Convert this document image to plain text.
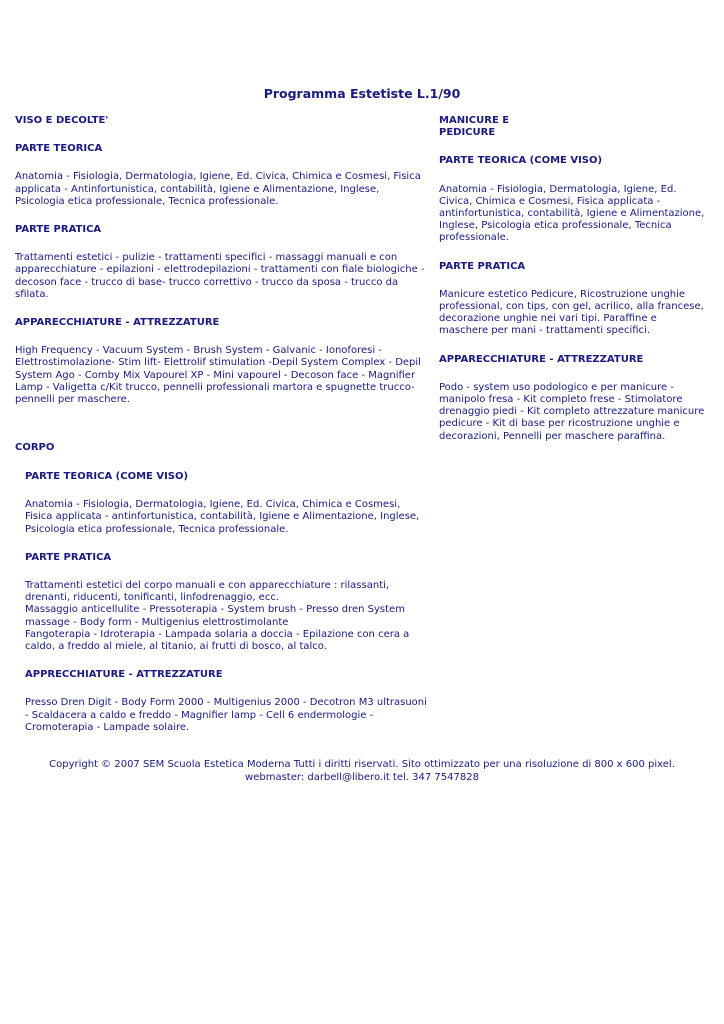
Programma Estetiste L.1/90

VISO E DECOLTE'

PARTE TEORICA

Anatomia - Fisiologia, Dermatologia, Igiene, Ed. Civica, Chimica e Cosmesi, Fisica applicata - Antinfortunistica, contabilità, Igiene e Alimentazione, Inglese, Psicologia etica professionale, Tecnica professionale.

PARTE PRATICA

Trattamenti estetici - pulizie - trattamenti specifici - massaggi manuali e con apparecchiature - epilazioni - elettrodepilazioni - trattamenti con fiale biologiche - decoson face - trucco di base- trucco correttivo - trucco da sposa - trucco da sfilata.

APPARECCHIATURE - ATTREZZATURE

High Frequency - Vacuum System - Brush System - Galvanic - Ionoforesi - Elettrostimolazione- Stim lift- Elettrolif stimulation -Depil System Complex - Depil System Ago - Comby Mix Vapourel XP - Mini vapourel - Decoson face - Magnifier Lamp - Valigetta c/Kit trucco, pennelli professionali martora e spugnette trucco-pennelli per maschere.

MANICURE E

PEDICURE

PARTE TEORICA (COME VISO)

Anatomia - Fisiologia, Dermatologia, Igiene, Ed. Civica, Chimica e Cosmesi, Fisica applicata - antinfortunistica, contabilità, Igiene e Alimentazione, Inglese, Psicologia etica professionale, Tecnica professionale.

PARTE PRATICA

Manicure estetico Pedicure, Ricostruzione unghie professional, con tips, con gel, acrilico, alla francese, decorazione unghie nei vari tipi. Paraffine e maschere per mani - trattamenti specifici.

APPARECCHIATURE - ATTREZZATURE

Podo - system uso podologico e per manicure - manipolo fresa - Kit completo frese - Stimolatore drenaggio piedi - Kit completo attrezzature manicure pedicure - Kit di base per ricostruzione unghie e decorazioni, Pennelli per maschere paraffina.

CORPO

PARTE TEORICA (COME VISO)

Anatomia - Fisiologia, Dermatologia, Igiene, Ed. Civica, Chimica e Cosmesi, Fisica applicata - antinfortunistica, contabilità, Igiene e Alimentazione, Inglese, Psicologia etica professionale, Tecnica professionale.

PARTE PRATICA

Trattamenti estetici del corpo manuali e con apparecchiature : rilassanti, drenanti, riducenti, tonificanti, linfodrenaggio, ecc.

Massaggio anticellulite - Pressoterapia - System brush - Presso dren System massage - Body form - Multigenius elettrostimolante

Fangoterapia - Idroterapia - Lampada solaria a doccia - Epilazione con cera a caldo, a freddo al miele, al titanio, ai frutti di bosco, al talco.

APPRECCHIATURE - ATTREZZATURE

Presso Dren Digit - Body Form 2000 - Multigenius 2000 - Decotron M3 ultrasuoni - Scaldacera a caldo e freddo - Magnifier lamp - Cell 6 endermologie - Cromoterapia - Lampade solaire.

Copyright © 2007 SEM Scuola Estetica Moderna Tutti i diritti riservati. Sito ottimizzato per una risoluzione di 800 x 600 pixel.
webmaster: darbell@libero.it tel. 347 7547828
